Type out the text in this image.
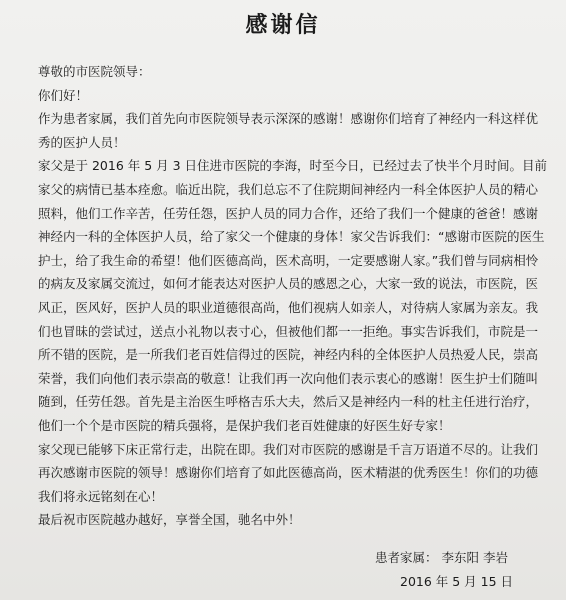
感谢信

尊敬的市医院领导：

你们好！

作为患者家属，我们首先向市医院领导表示深深的感谢！感谢你们培育了神经内一科这样优秀的医护人员！

家父是于 2016 年 5 月 3 日住进市医院的李海，时至今日，已经过去了快半个月时间。目前家父的病情已基本痊愈。临近出院，我们总忘不了住院期间神经内一科全体医护人员的精心照料，他们工作辛苦，任劳任怨，医护人员的同力合作，还给了我们一个健康的爸爸！感谢神经内一科的全体医护人员，给了家父一个健康的身体！家父告诉我们：“感谢市医院的医生护士，给了我生命的希望！他们医德高尚，医术高明，一定要感谢人家。”我们曾与同病相怜的病友及家属交流过，如何才能表达对医护人员的感恩之心，大家一致的说法，市医院，医风正，医风好，医护人员的职业道德很高尚，他们视病人如亲人，对待病人家属为亲友。我们也冒昧的尝试过，送点小礼物以表寸心，但被他们都一一拒绝。事实告诉我们，市院是一所不错的医院，是一所我们老百姓信得过的医院，神经内科的全体医护人员热爱人民，崇高荣誉，我们向他们表示崇高的敬意！让我们再一次向他们表示衷心的感谢！医生护士们随叫随到，任劳任怨。首先是主治医生呼格吉乐大夫，然后又是神经内一科的杜主任进行治疗，他们一个个是市医院的精兵强将，是保护我们老百姓健康的好医生好专家！

家父现已能够下床正常行走，出院在即。我们对市医院的感谢是千言万语道不尽的。让我们再次感谢市医院的领导！感谢你们培育了如此医德高尚，医术精湛的优秀医生！你们的功德我们将永远铭刻在心！

最后祝市医院越办越好，享誉全国，驰名中外！

患者家属： 李东阳 李岩
2016 年 5 月 15 日
